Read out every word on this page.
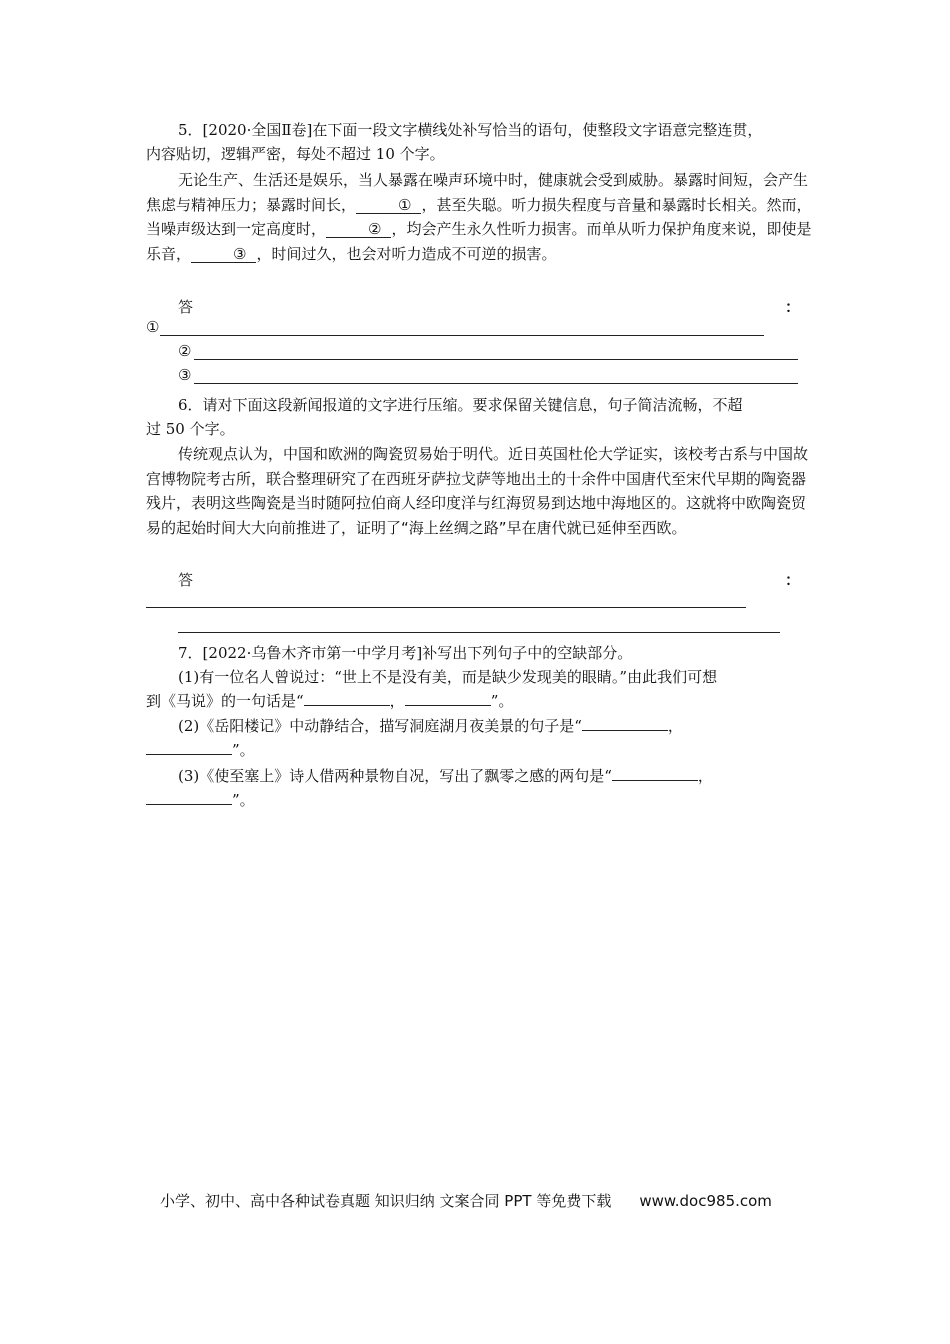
5．[2020·全国Ⅱ卷]在下面一段文字横线处补写恰当的语句，使整段文字语意完整连贯，
内容贴切，逻辑严密，每处不超过 10 个字。
无论生产、生活还是娱乐，当人暴露在噪声环境中时，健康就会受到威胁。暴露时间短，会产生焦虑与精神压力；暴露时间长，	① ，甚至失聪。听力损失程度与音量和暴露时长相关。然而，当噪声级达到一定高度时，	② ，均会产生永久性听力损害。而单从听力保护角度来说，即使是乐音，	③ ，时间过久，也会对听力造成不可逆的损害。
答	：
①
②
③
6．请对下面这段新闻报道的文字进行压缩。要求保留关键信息，句子简洁流畅，不超
过 50 个字。
传统观点认为，中国和欧洲的陶瓷贸易始于明代。近日英国杜伦大学证实，该校考古系与中国故宫博物院考古所，联合整理研究了在西班牙萨拉戈萨等地出土的十余件中国唐代至宋代早期的陶瓷器残片，表明这些陶瓷是当时随阿拉伯商人经印度洋与红海贸易到达地中海地区的。这就将中欧陶瓷贸易的起始时间大大向前推进了，证明了“海上丝绸之路”早在唐代就已延伸至西欧。
答	：
7．[2022·乌鲁木齐市第一中学月考]补写出下列句子中的空缺部分。
(1)有一位名人曾说过：“世上不是没有美，而是缺少发现美的眼睛。”由此我们可想
到《马说》的一句话是“	，	”。
(2)《岳阳楼记》中动静结合，描写洞庭湖月夜美景的句子是“	，
”。
(3)《使至塞上》诗人借两种景物自况，写出了飘零之感的两句是“	，
”。
小学、初中、高中各种试卷真题 知识归纳 文案合同 PPT 等免费下载 www.doc985.com
